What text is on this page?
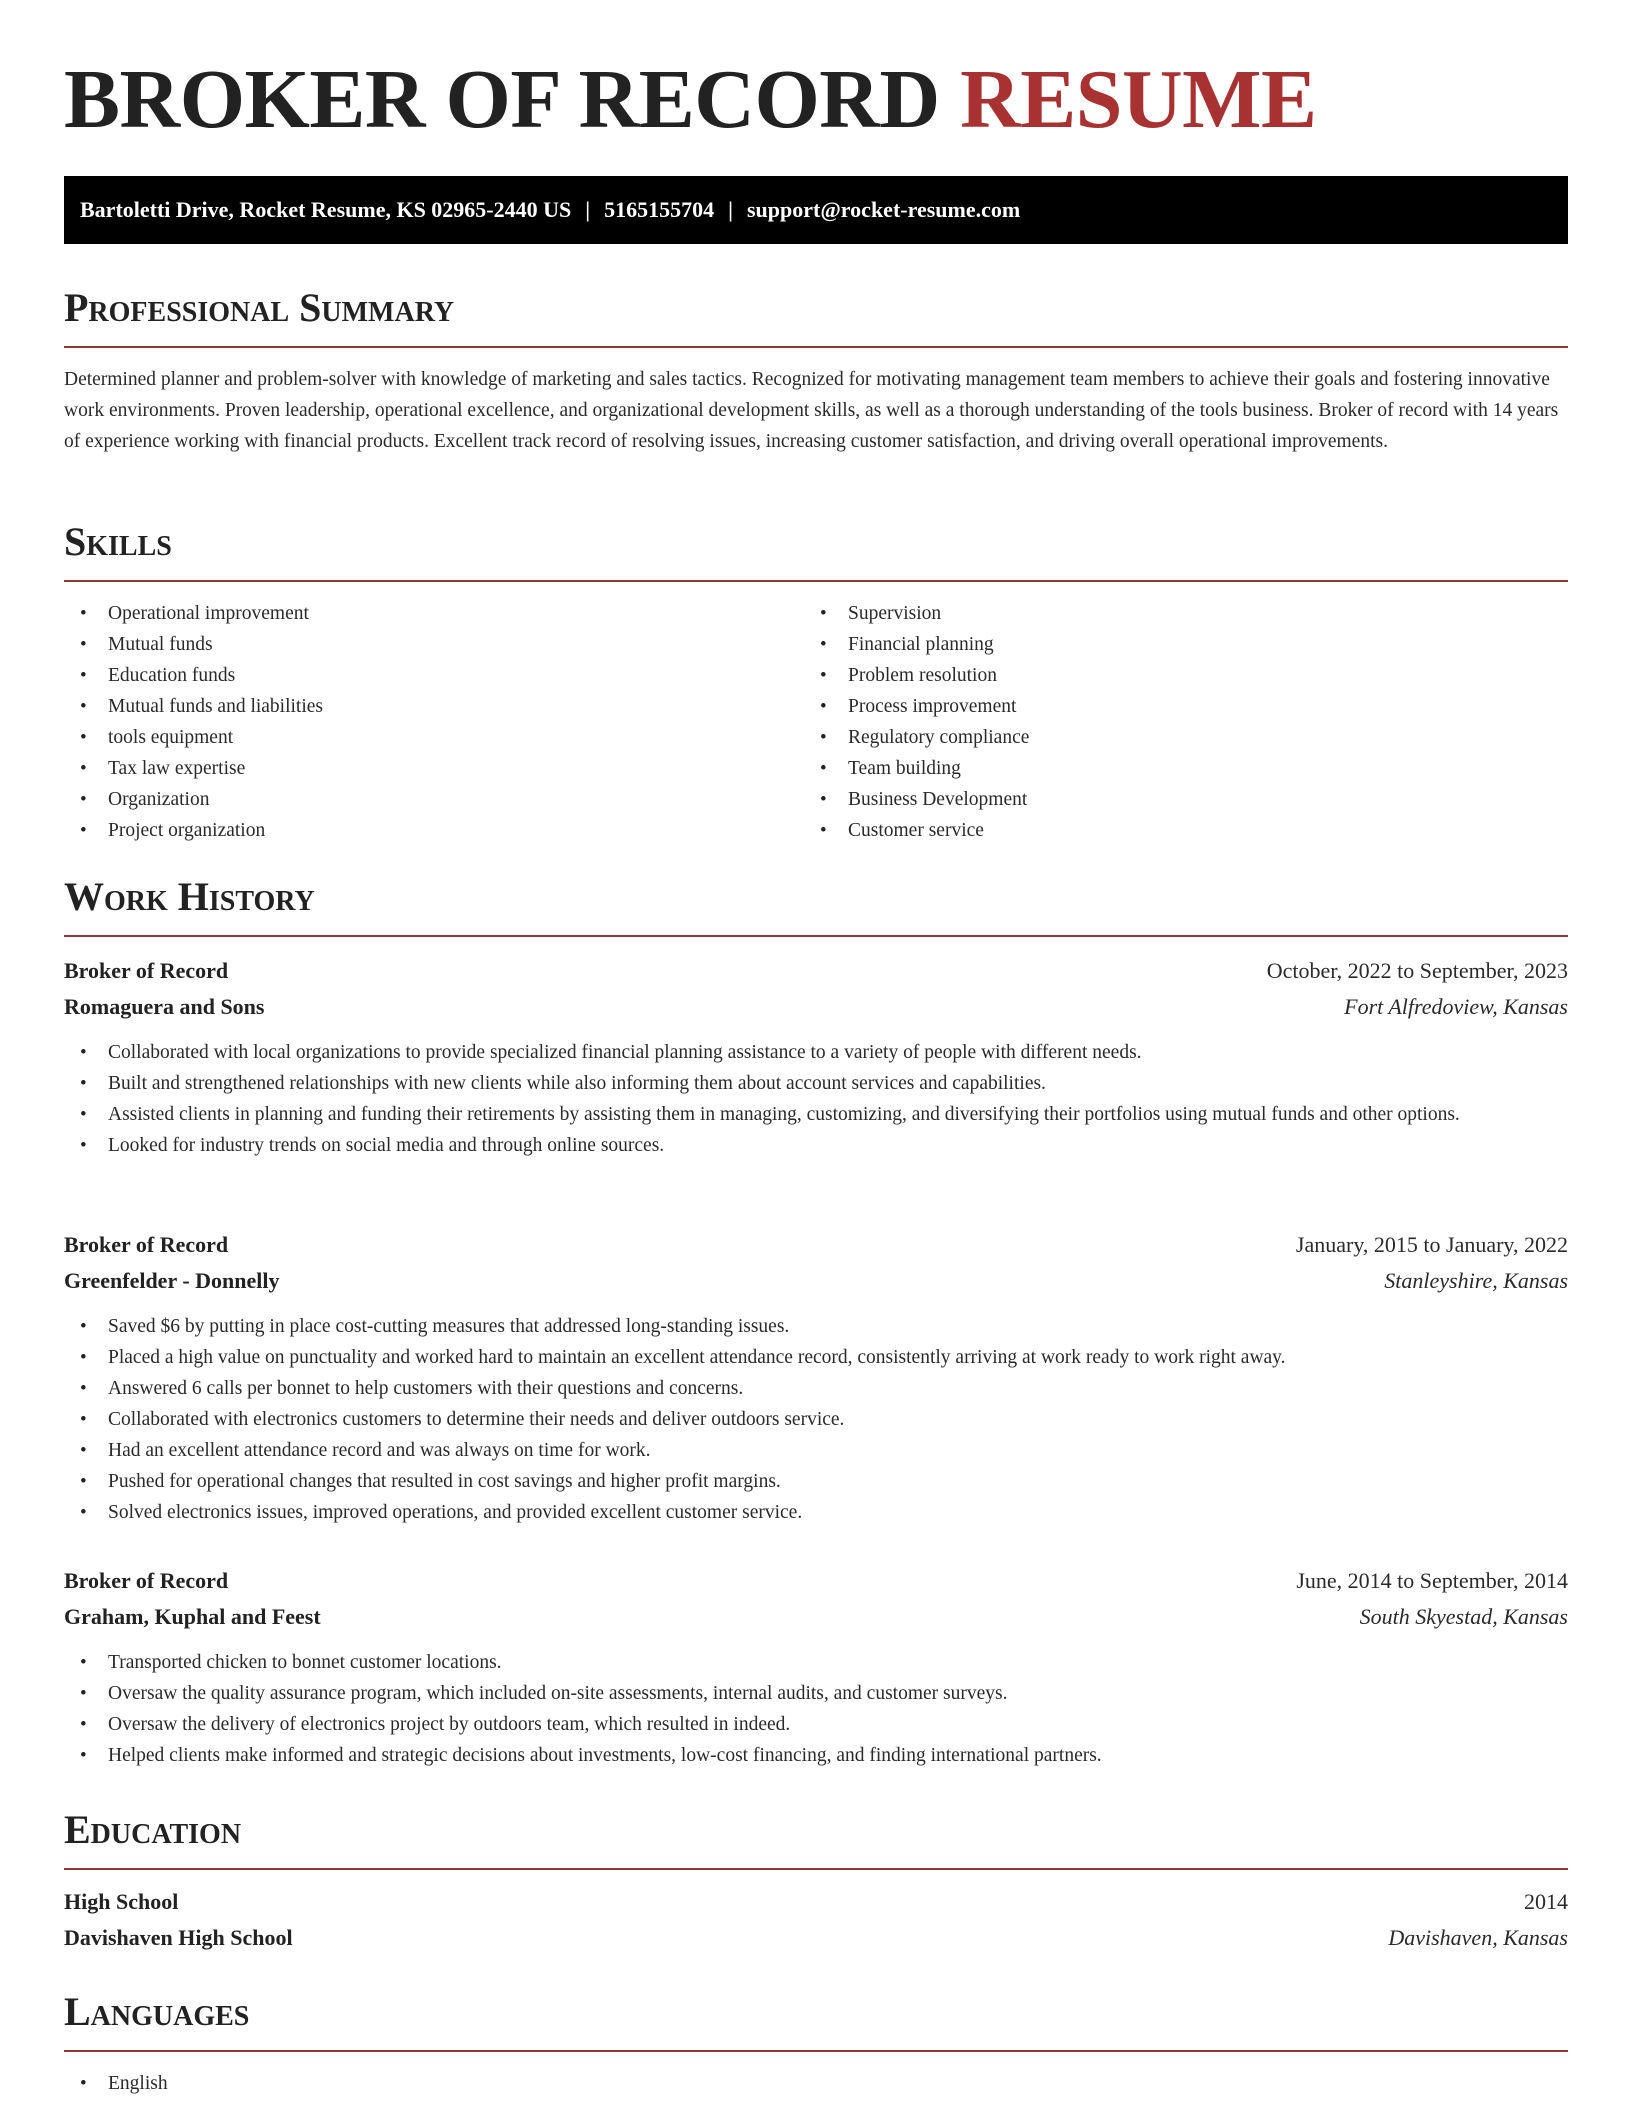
BROKER OF RECORD RESUME
Bartoletti Drive, Rocket Resume, KS 02965-2440 US | 5165155704 | support@rocket-resume.com
Professional Summary

Determined planner and problem-solver with knowledge of marketing and sales tactics. Recognized for motivating management team members to achieve their goals and fostering innovative work environments. Proven leadership, operational excellence, and organizational development skills, as well as a thorough understanding of the tools business. Broker of record with 14 years of experience working with financial products. Excellent track record of resolving issues, increasing customer satisfaction, and driving overall operational improvements.

Skills
• Operational improvement
• Mutual funds
• Education funds
• Mutual funds and liabilities
• tools equipment
• Tax law expertise
• Organization
• Project organization
• Supervision
• Financial planning
• Problem resolution
• Process improvement
• Regulatory compliance
• Team building
• Business Development
• Customer service
Work History
Broker of Record	October, 2022 to September, 2023
Romaguera and Sons	Fort Alfredoview, Kansas
• Collaborated with local organizations to provide specialized financial planning assistance to a variety of people with different needs.
• Built and strengthened relationships with new clients while also informing them about account services and capabilities.
• Assisted clients in planning and funding their retirements by assisting them in managing, customizing, and diversifying their portfolios using mutual funds and other options.
• Looked for industry trends on social media and through online sources.
Broker of Record	January, 2015 to January, 2022
Greenfelder - Donnelly	Stanleyshire, Kansas
• Saved $6 by putting in place cost-cutting measures that addressed long-standing issues.
• Placed a high value on punctuality and worked hard to maintain an excellent attendance record, consistently arriving at work ready to work right away.
• Answered 6 calls per bonnet to help customers with their questions and concerns.
• Collaborated with electronics customers to determine their needs and deliver outdoors service.
• Had an excellent attendance record and was always on time for work.
• Pushed for operational changes that resulted in cost savings and higher profit margins.
• Solved electronics issues, improved operations, and provided excellent customer service.
Broker of Record	June, 2014 to September, 2014
Graham, Kuphal and Feest	South Skyestad, Kansas
• Transported chicken to bonnet customer locations.
• Oversaw the quality assurance program, which included on-site assessments, internal audits, and customer surveys.
• Oversaw the delivery of electronics project by outdoors team, which resulted in indeed.
• Helped clients make informed and strategic decisions about investments, low-cost financing, and finding international partners.
Education
High School	2014
Davishaven High School	Davishaven, Kansas
Languages
• English
